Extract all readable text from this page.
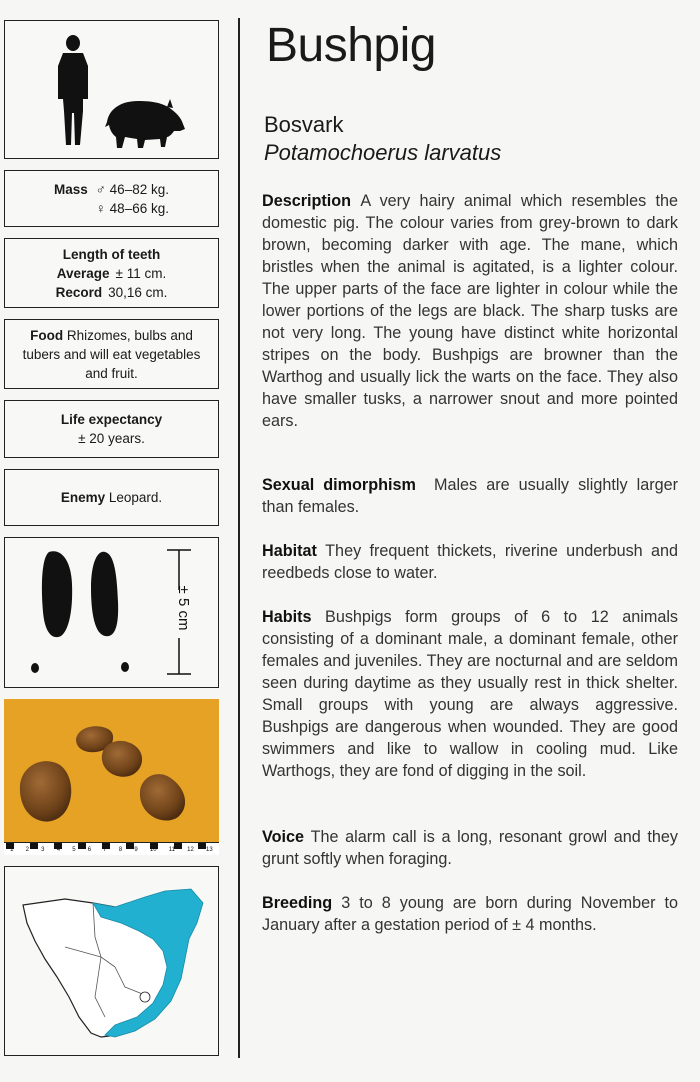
Mass ♂ 46–82 kg.
♀ 48–66 kg.
Length of teeth
Average ± 11 cm.
Record 30,16 cm.
Food Rhizomes, bulbs and tubers and will eat vegetables and fruit.
Life expectancy
± 20 years.
Enemy Leopard.
± 5 cm
1 2 3 4 5 6 7 8 9 10 11 12 13
Bushpig
Bosvark
Potamochoerus larvatus
Description A very hairy animal which resembles the domestic pig. The colour varies from grey-brown to dark brown, becoming darker with age. The mane, which bristles when the animal is agitated, is a lighter colour. The upper parts of the face are lighter in colour while the lower portions of the legs are black. The sharp tusks are not very long. The young have distinct white horizontal stripes on the body. Bushpigs are browner than the Warthog and usually lick the warts on the face. They also have smaller tusks, a narrower snout and more pointed ears.
Sexual dimorphism Males are usually slightly larger than females.
Habitat They frequent thickets, riverine underbush and reedbeds close to water.
Habits Bushpigs form groups of 6 to 12 animals consisting of a dominant male, a dominant female, other females and juveniles. They are nocturnal and are seldom seen during daytime as they usually rest in thick shelter. Small groups with young are always aggressive. Bushpigs are dangerous when wounded. They are good swimmers and like to wallow in cooling mud. Like Warthogs, they are fond of digging in the soil.
Voice The alarm call is a long, resonant growl and they grunt softly when foraging.
Breeding 3 to 8 young are born during November to January after a gestation period of ± 4 months.
